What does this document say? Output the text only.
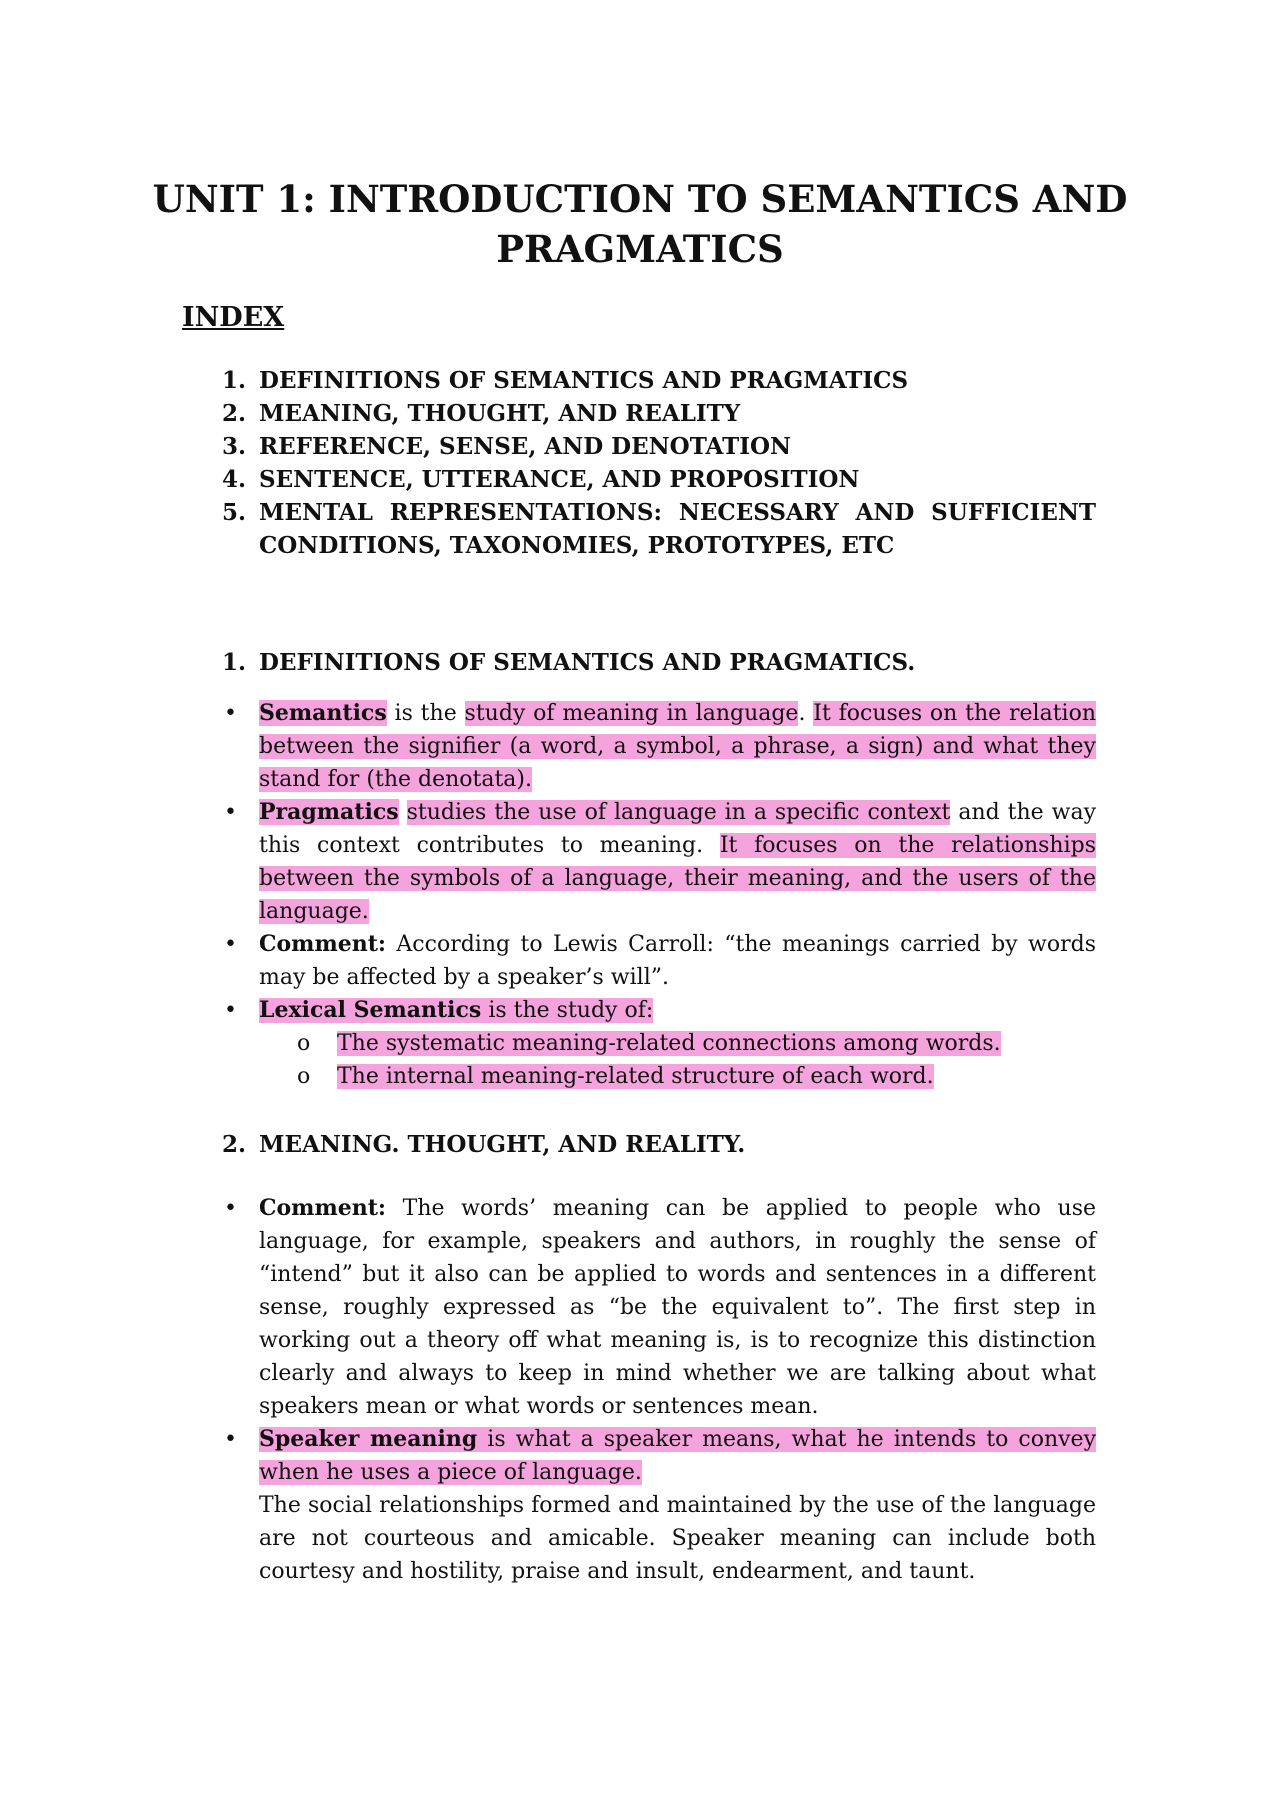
UNIT 1: INTRODUCTION TO SEMANTICS AND PRAGMATICS
INDEX
1. DEFINITIONS OF SEMANTICS AND PRAGMATICS
2. MEANING, THOUGHT, AND REALITY
3. REFERENCE, SENSE, AND DENOTATION
4. SENTENCE, UTTERANCE, AND PROPOSITION
5. MENTAL REPRESENTATIONS: NECESSARY AND SUFFICIENT CONDITIONS, TAXONOMIES, PROTOTYPES, ETC
1. DEFINITIONS OF SEMANTICS AND PRAGMATICS.
• Semantics is the study of meaning in language. It focuses on the relation between the signifier (a word, a symbol, a phrase, a sign) and what they stand for (the denotata).
• Pragmatics studies the use of language in a specific context and the way this context contributes to meaning. It focuses on the relationships between the symbols of a language, their meaning, and the users of the language.
• Comment: According to Lewis Carroll: “the meanings carried by words may be affected by a speaker’s will”.
• Lexical Semantics is the study of:
o The systematic meaning-related connections among words.
o The internal meaning-related structure of each word.
2. MEANING. THOUGHT, AND REALITY.
• Comment: The words’ meaning can be applied to people who use language, for example, speakers and authors, in roughly the sense of “intend” but it also can be applied to words and sentences in a different sense, roughly expressed as “be the equivalent to”. The first step in working out a theory off what meaning is, is to recognize this distinction clearly and always to keep in mind whether we are talking about what speakers mean or what words or sentences mean.
• Speaker meaning is what a speaker means, what he intends to convey when he uses a piece of language.
The social relationships formed and maintained by the use of the language are not courteous and amicable. Speaker meaning can include both courtesy and hostility, praise and insult, endearment, and taunt.
